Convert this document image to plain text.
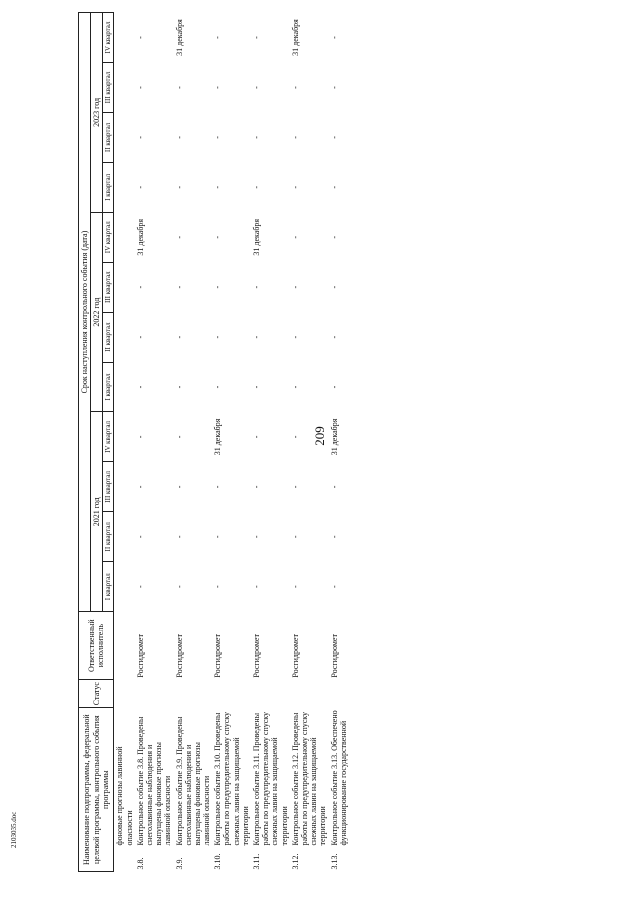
209
2103035.doc	Наименование подпрограммы, федеральной целевой программы, контрольного события программы		Статус	Ответственный исполнитель	Срок наступления контрольного события (дата)											
				2021 год				2022 год				2023 год			
				I квартал	II квартал	III квартал	IV квартал	I квартал	II квартал	III квартал	IV квартал	I квартал	II квартал	III квартал	IV квартал
	фоновые прогнозы лавинной опасности														
3.8.	Контрольное событие 3.8. Проведены снеголавинные наблюдения и выпущены фоновые прогнозы лавинной опасности		Росгидромет	-	-	-	-	-	-	-	31 декабря	-	-	-	-
3.9.	Контрольное событие 3.9. Проведены снеголавинные наблюдения и выпущены фоновые прогнозы лавинной опасности		Росгидромет	-	-	-	-	-	-	-	-	-	-	-	31 декабря
3.10.	Контрольное событие 3.10. Проведены работы по предупредительному спуску снежных лавин на защищаемой территории		Росгидромет	-	-	-	31 декабря	-	-	-	-	-	-	-	-
3.11.	Контрольное событие 3.11. Проведены работы по предупредительному спуску снежных лавин на защищаемой территории		Росгидромет	-	-	-	-	-	-	-	31 декабря	-	-	-	-
3.12.	Контрольное событие 3.12. Проведены работы по предупредительному спуску снежных лавин на защищаемой территории		Росгидромет	-	-	-	-	-	-	-	-	-	-	-	31 декабря
3.13.	Контрольное событие 3.13. Обеспечено функционирование государственной		Росгидромет	-	-	-	31 декабря	-	-	-	-	-	-	-	-
